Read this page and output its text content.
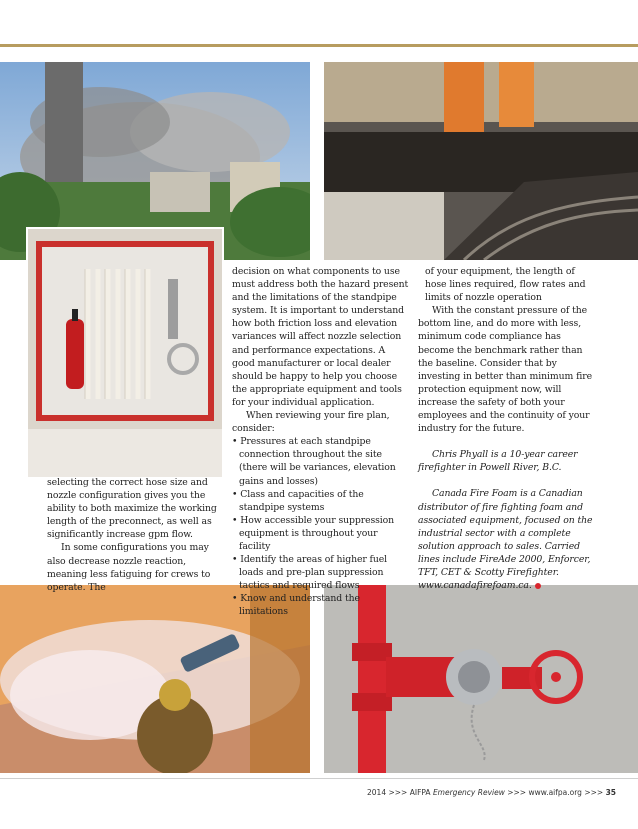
selecting the correct hose size and nozzle configuration gives you the ability to both maximize the working length of the preconnect, as well as significantly increase gpm flow.

In some configurations you may also decrease nozzle reaction, meaning less fatiguing for crews to operate. The

decision on what components to use must address both the hazard present and the limitations of the standpipe system. It is important to understand how both friction loss and elevation variances will affect nozzle selection and performance expectations. A good manufacturer or local dealer should be happy to help you choose the appropriate equipment and tools for your individual application.

When reviewing your fire plan, consider:

• Pressures at each standpipe connection throughout the site (there will be variances, elevation gains and losses)
• Class and capacities of the standpipe systems
• How accessible your suppression equipment is throughout your facility
• Identify the areas of higher fuel loads and pre-plan suppression tactics and required flows
• Know and understand the limitations

of your equipment, the length of hose lines required, flow rates and limits of nozzle operation

With the constant pressure of the bottom line, and do more with less, minimum code compliance has become the benchmark rather than the baseline. Consider that by investing in better than minimum fire protection equipment now, will increase the safety of both your employees and the continuity of your industry for the future.

Chris Phyall is a 10-year career firefighter in Powell River, B.C.

Canada Fire Foam is a Canadian distributor of fire fighting foam and associated equipment, focused on the industrial sector with a complete solution approach to sales. Carried lines include FireAde 2000, Enforcer, TFT, CET & Scotty Firefighter. www.canadafirefoam.ca.

2014 >>> AIFPA Emergency Review >>> www.aifpa.org >>> 35
